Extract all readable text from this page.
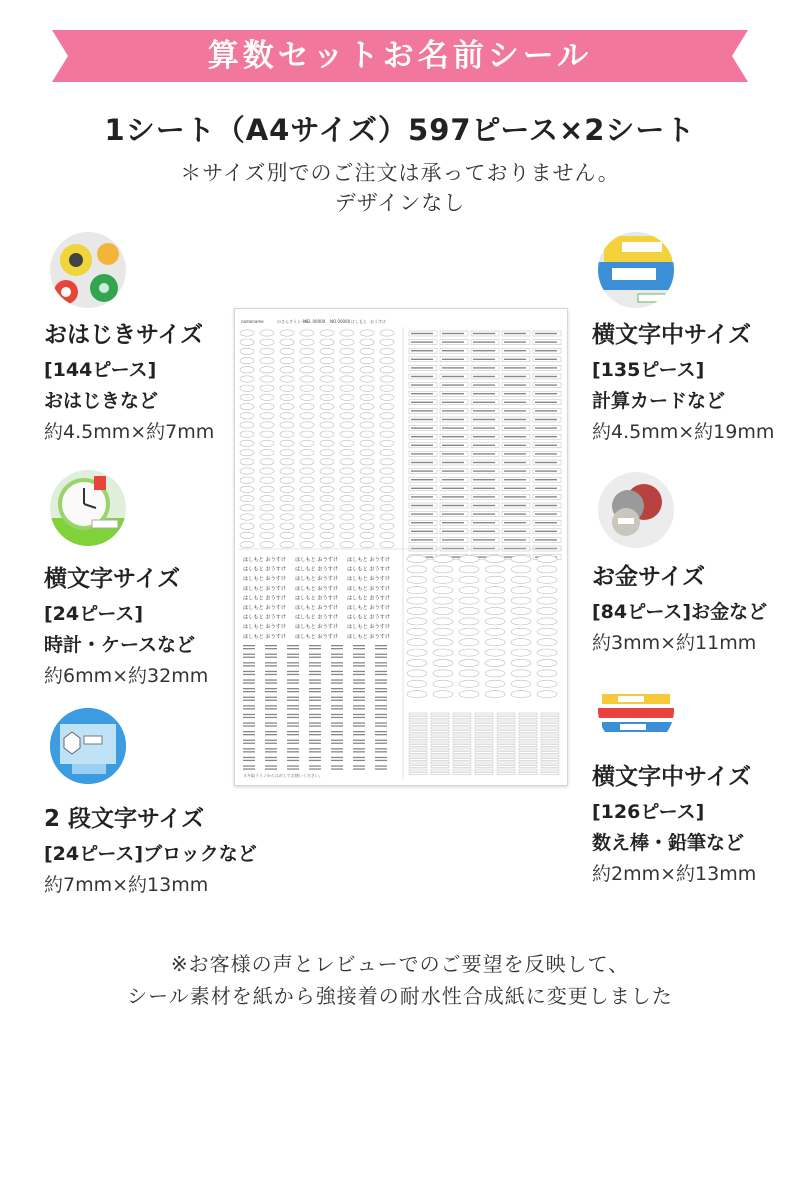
算数セットお名前シール
1シート（A4サイズ）597ピース×2シート
＊サイズ別でのご注文は承っておりません。
デザインなし
おはじきサイズ
[144ピース]
おはじきなど
約4.5mm×約7mm
横文字サイズ
[24ピース]
時計・ケースなど
約6mm×約32mm
2 段文字サイズ
[24ピース]ブロックなど
約7mm×約13mm
横文字中サイズ
[135ピース]
計算カードなど
約4.5mm×約19mm
お金サイズ
[84ピース]お金など
約3mm×約11mm
横文字中サイズ
[126ピース]
数え棒・鉛筆など
約2mm×約13mm
namename	のさんすうシール
MEL 00000 NO 00000 はしもと おうすけ
はしもと おうすけ はしもと おうすけ はしもと おうすけ
はしもと おうすけ はしもと おうすけ はしもと おうすけ
はしもと おうすけ はしもと おうすけ はしもと おうすけ
はしもと おうすけ はしもと おうすけ はしもと おうすけ
はしもと おうすけ はしもと おうすけ はしもと おうすけ
はしもと おうすけ はしもと おうすけ はしもと おうすけ
はしもと おうすけ はしもと おうすけ はしもと おうすけ
はしもと おうすけ はしもと おうすけ はしもと おうすけ
はしもと おうすけ はしもと おうすけ はしもと おうすけ
ヌキ取ラインからはがしてお使いください。
※お客様の声とレビューでのご要望を反映して、
シール素材を紙から強接着の耐水性合成紙に変更しました
